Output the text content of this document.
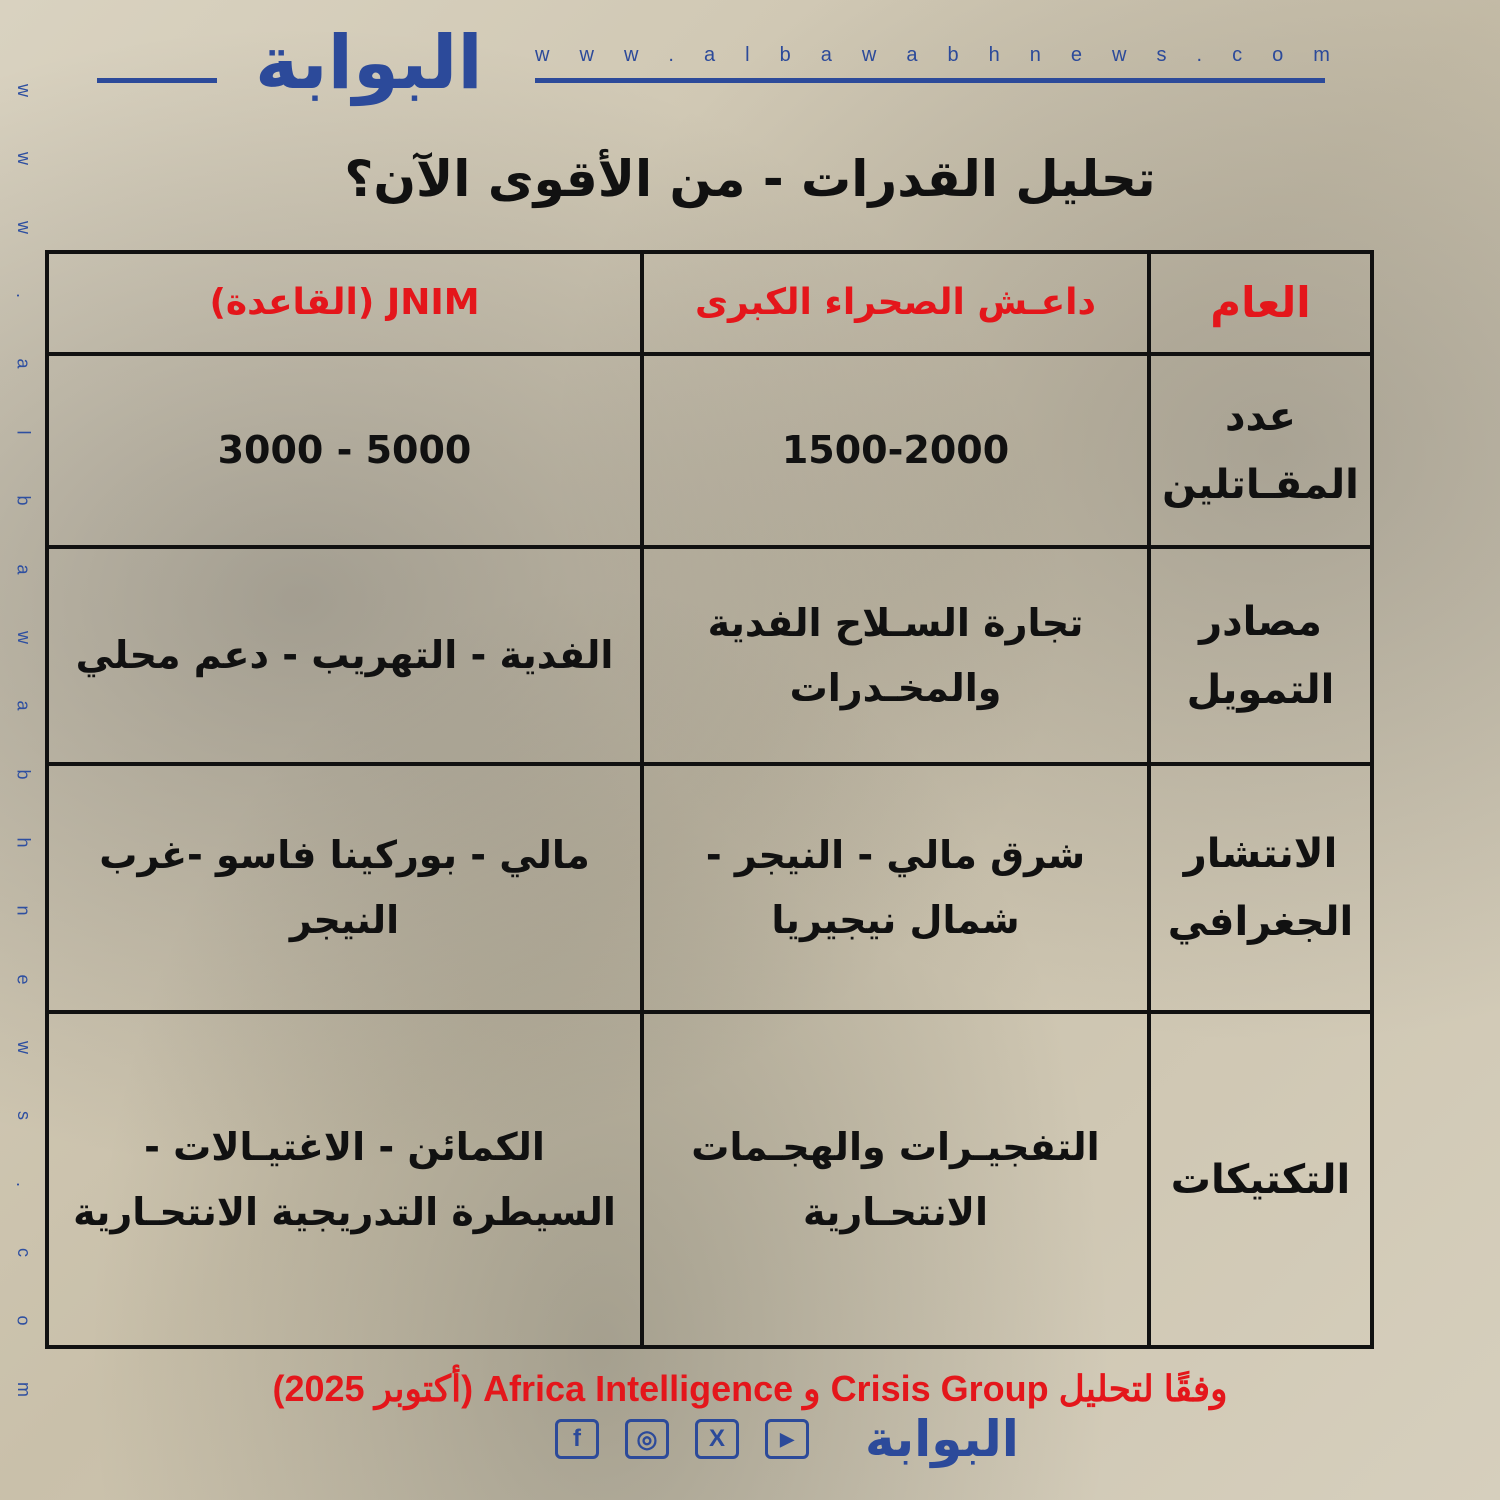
w
w
w
.
a
l
b
a
w
a
b
h
n
e
w
s
.
c
o
m
البوابة	w w w . a l b a w a b h n e w s . c o m
تحليل القدرات - من الأقوى الآن؟
العام	داعـش الصحراء الكبرى	JNIM (القاعدة)
عدد المقـاتلين	1500-2000	3000 - 5000
مصادر التمويل	تجارة السـلاح الفدية والمخـدرات	الفدية - التهريب - دعم محلي
الانتشار الجغرافي	شرق مالي - النيجر - شمال نيجيريا	مالي - بوركينا فاسو -غرب النيجر
التكتيكات	التفجيـرات والهجـمات الانتحـارية	الكمائن - الاغتيـالات - السيطرة التدريجية الانتحـارية
وفقًا لتحليل Crisis Group و Africa Intelligence (أكتوبر 2025)
f	◎	X	▶	البوابة
